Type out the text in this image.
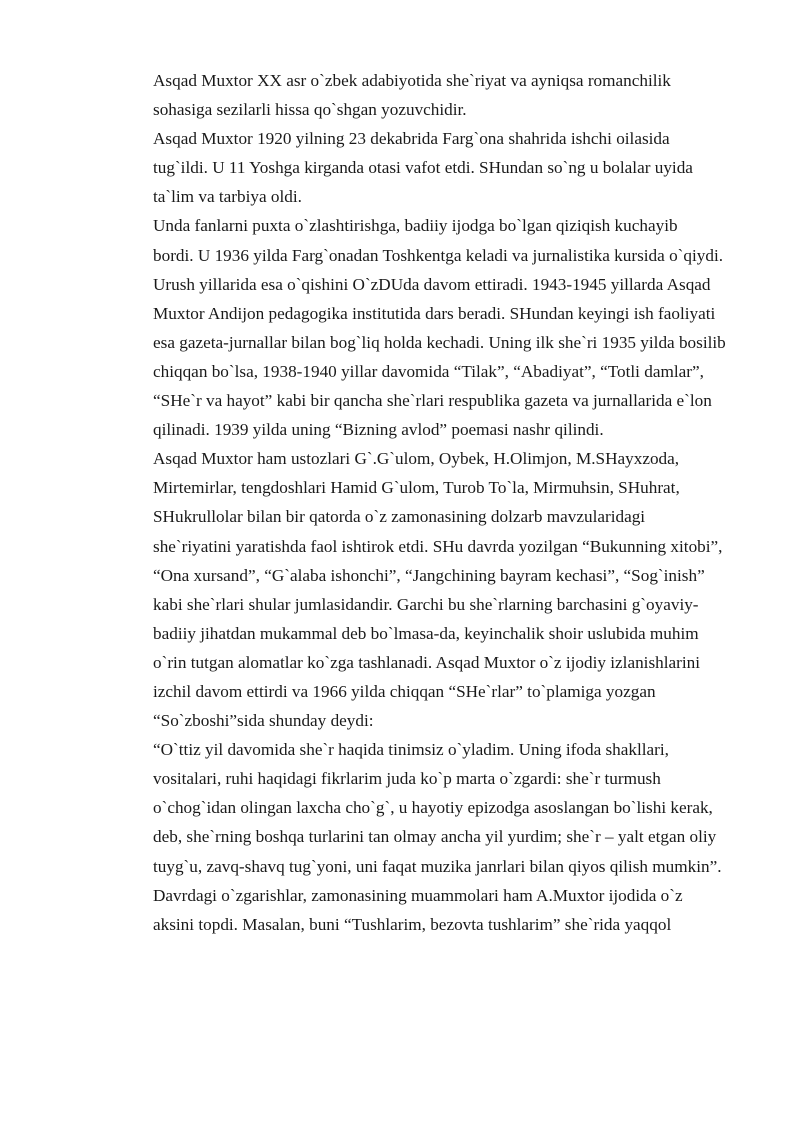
Asqad Muxtor XX asr o`zbek adabiyotida she`riyat va ayniqsa romanchilik
sohasiga sezilarli hissa qo`shgan yozuvchidir.

Asqad Muxtor 1920 yilning 23 dekabrida Farg`ona shahrida ishchi oilasida
tug`ildi. U 11 Yoshga kirganda otasi vafot etdi. SHundan so`ng u bolalar uyida
ta`lim va tarbiya oldi.

Unda fanlarni puxta o`zlashtirishga, badiiy ijodga bo`lgan qiziqish kuchayib
bordi. U 1936 yilda Farg`onadan Toshkentga keladi va jurnalistika kursida o`qiydi.
Urush yillarida esa o`qishini O`zDUda davom ettiradi. 1943-1945 yillarda Asqad
Muxtor Andijon pedagogika institutida dars beradi. SHundan keyingi ish faoliyati
esa gazeta-jurnallar bilan bog`liq holda kechadi. Uning ilk she`ri 1935 yilda bosilib
chiqqan bo`lsa, 1938-1940 yillar davomida “Tilak”, “Abadiyat”, “Totli damlar”,
“SHe`r va hayot” kabi bir qancha she`rlari respublika gazeta va jurnallarida e`lon
qilinadi. 1939 yilda uning “Bizning avlod” poemasi nashr qilindi.

Asqad Muxtor ham ustozlari G`.G`ulom, Oybek, H.Olimjon, M.SHayxzoda,
Mirtemirlar, tengdoshlari Hamid G`ulom, Turob To`la, Mirmuhsin, SHuhrat,
SHukrullolar bilan bir qatorda o`z zamonasining dolzarb mavzularidagi
she`riyatini yaratishda faol ishtirok etdi. SHu davrda yozilgan “Bukunning xitobi”,
“Ona xursand”, “G`alaba ishonchi”, “Jangchining bayram kechasi”, “Sog`inish”
kabi she`rlari shular jumlasidandir. Garchi bu she`rlarning barchasini g`oyaviy-
badiiy jihatdan mukammal deb bo`lmasa-da, keyinchalik shoir uslubida muhim
o`rin tutgan alomatlar ko`zga tashlanadi. Asqad Muxtor o`z ijodiy izlanishlarini
izchil davom ettirdi va 1966 yilda chiqqan “SHe`rlar” to`plamiga yozgan
“So`zboshi”sida shunday deydi:

“O`ttiz yil davomida she`r haqida tinimsiz o`yladim. Uning ifoda shakllari,
vositalari, ruhi haqidagi fikrlarim juda ko`p marta o`zgardi: she`r turmush
o`chog`idan olingan laxcha cho`g`, u hayotiy epizodga asoslangan bo`lishi kerak,
deb, she`rning boshqa turlarini tan olmay ancha yil yurdim; she`r – yalt etgan oliy
tuyg`u, zavq-shavq tug`yoni, uni faqat muzika janrlari bilan qiyos qilish mumkin”.

Davrdagi o`zgarishlar, zamonasining muammolari ham A.Muxtor ijodida o`z
aksini topdi. Masalan, buni “Tushlarim, bezovta tushlarim” she`rida yaqqol
